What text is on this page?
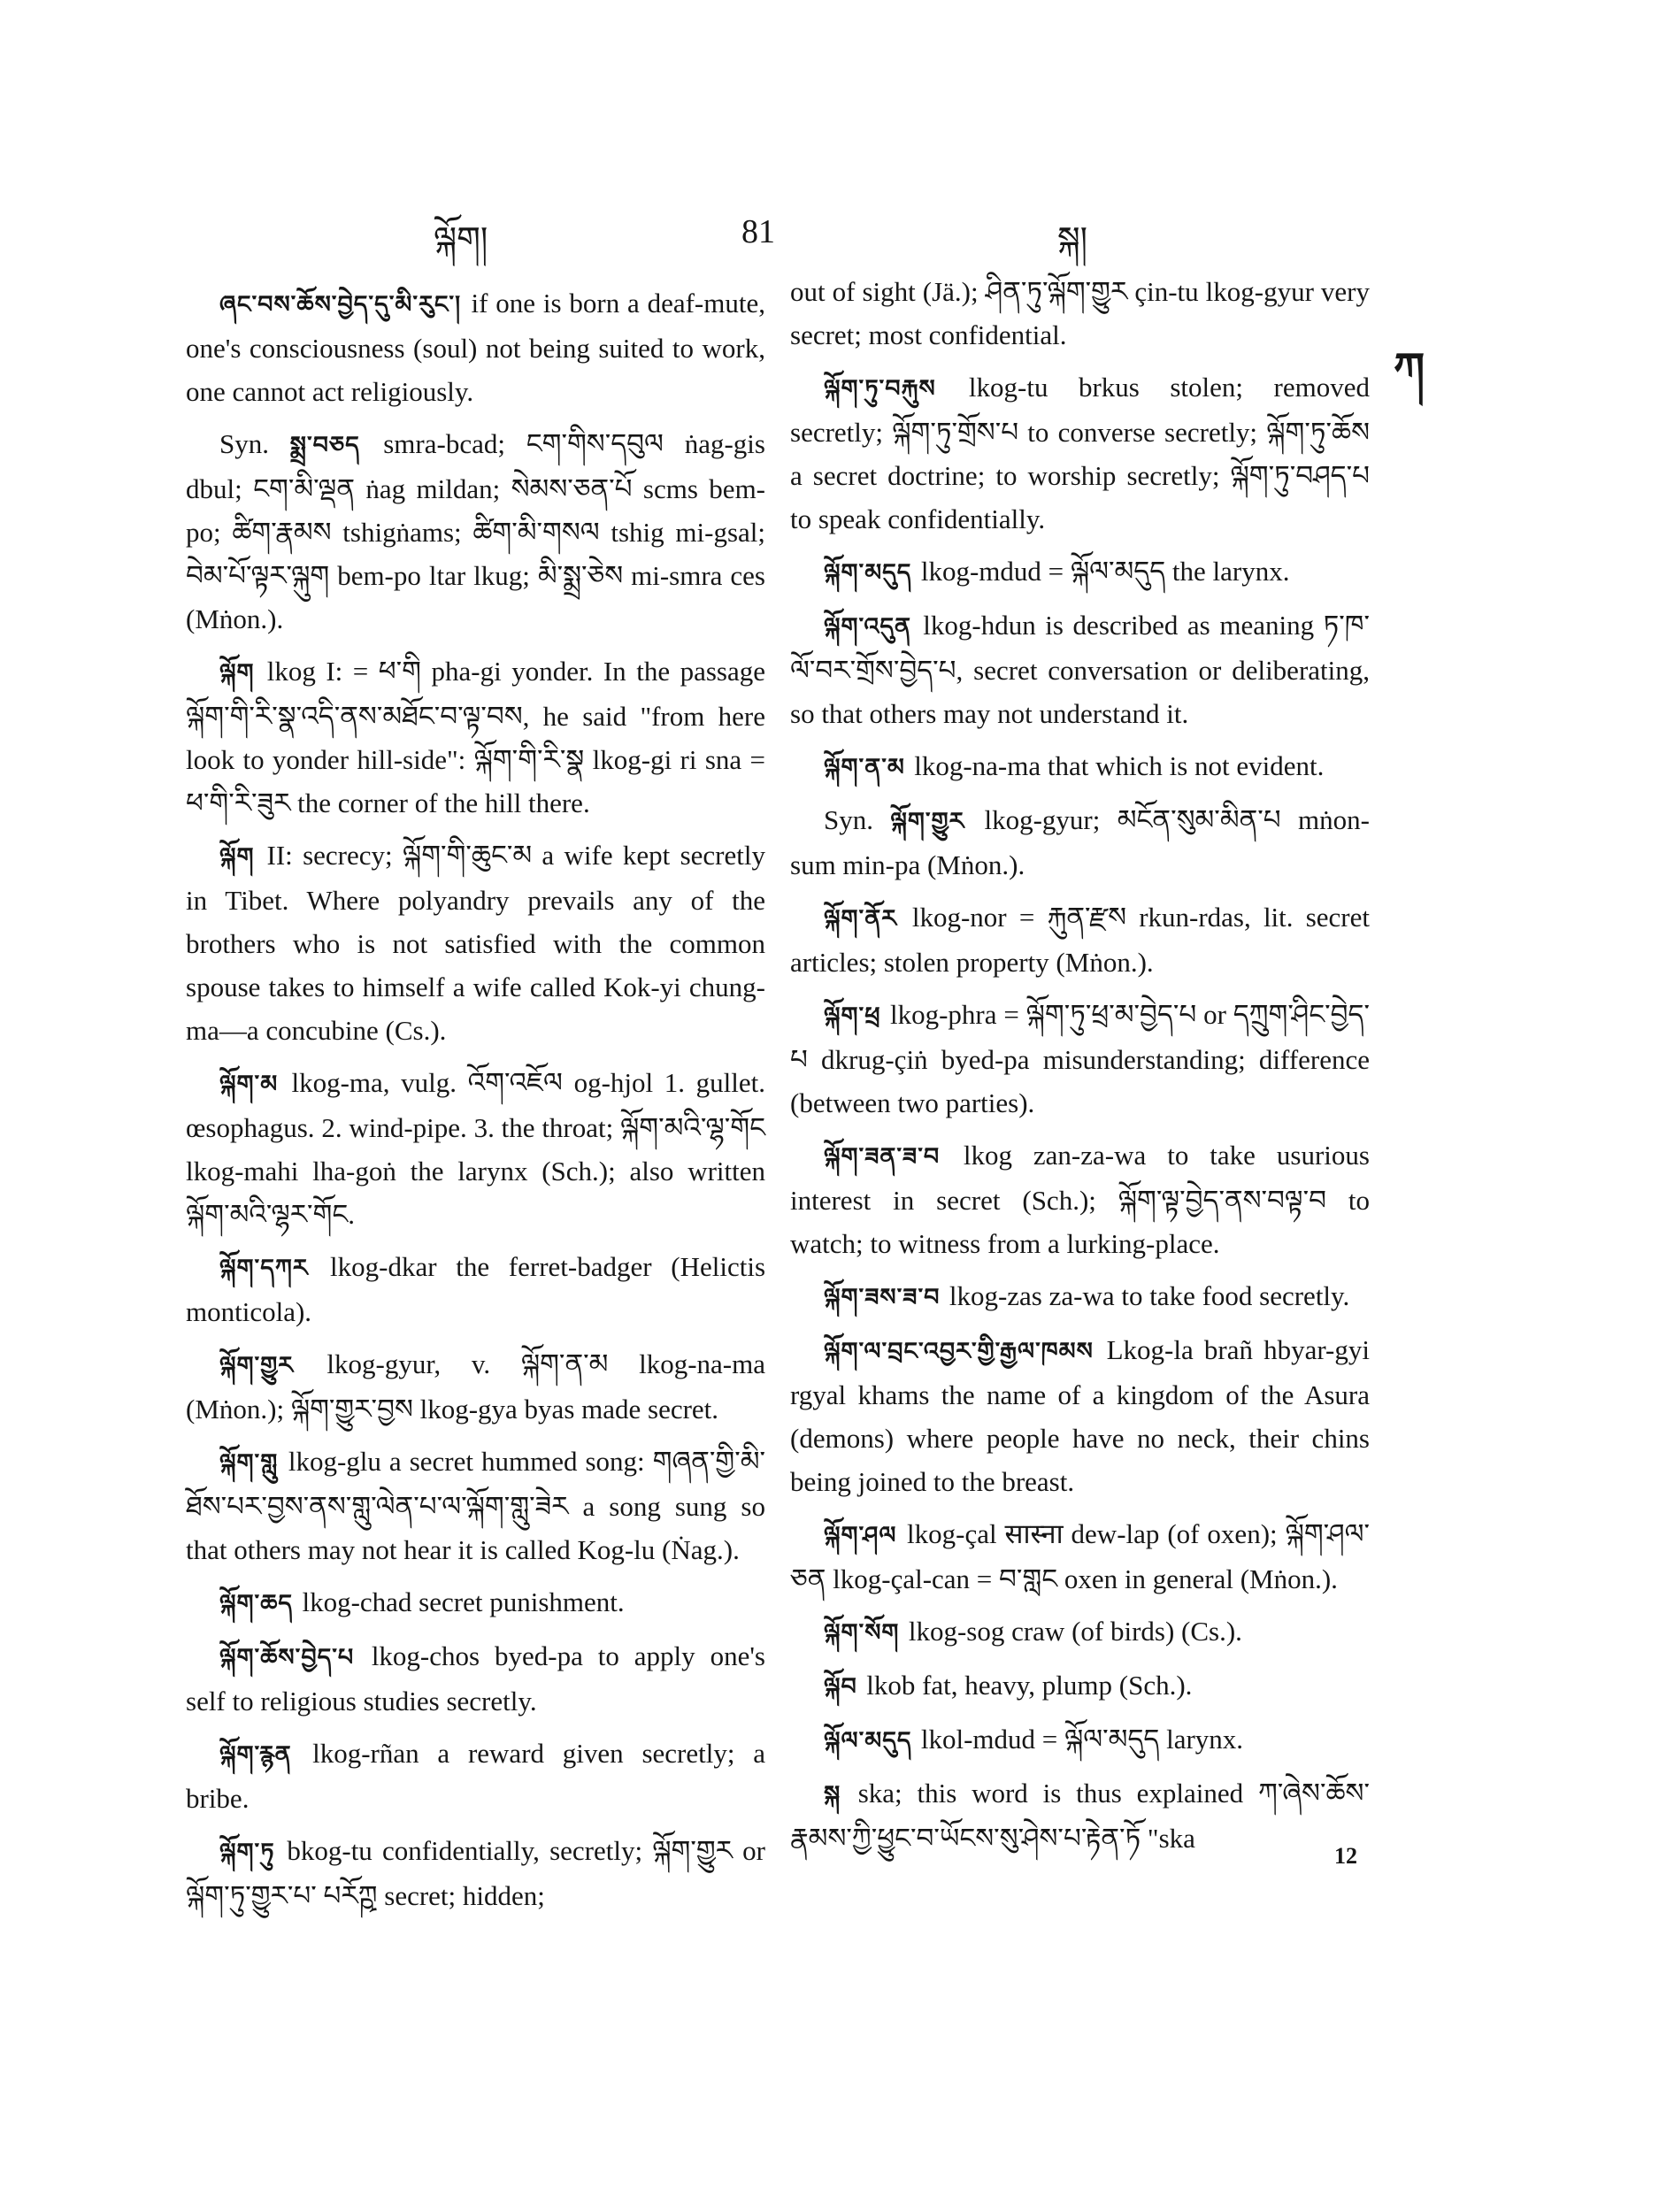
ལྐོག།	81	སྐ།
ཀ

ཞང་བས་ཆོས་བྱེད་དུ་མི་རུང་། if one is born a deaf-mute, one's consciousness (soul) not being suited to work, one cannot act religiously.

Syn. སྨྲ་བཅད smra-bcad; ངག་གིས་དབུལ ṅag-gis dbul; ངག་མི་ལྡན ṅag mildan; སེམས་ཅན་པོ scms bem-po; ཚིག་རྣམས tshigṅams; ཚིག་མི་གསལ tshig mi-gsal; བེམ་པོ་ལྟར་ལྐུག bem-po ltar lkug; མི་སྨྲ་ཅེས mi-smra ces (Mṅon.).

ལྐོག lkog I: = ཕ་གི pha-gi yonder. In the passage ལྐོག་གི་རི་སྣ་འདི་ནས་མཐོང་བ་ལྟ་བས, he said "from here look to yonder hill-side": ལྐོག་གི་རི་སྣ lkog-gi ri sna = ཕ་གི་རི་ཟུར the corner of the hill there.

ལྐོག II: secrecy; ལྐོག་གི་ཆུང་མ a wife kept secretly in Tibet. Where polyandry prevails any of the brothers who is not satisfied with the common spouse takes to himself a wife called Kok-yi chung-ma—a concubine (Cs.).

ལྐོག་མ lkog-ma, vulg. འོག་འཇོལ og-hjol 1. gullet. œsophagus. 2. wind-pipe. 3. the throat; ལྐོག་མའི་ལྷ་གོང lkog-mahi lha-goṅ the larynx (Sch.); also written ལྐོག་མའི་ལྷར་གོང.

ལྐོག་དཀར lkog-dkar the ferret-badger (Helictis monticola).

ལྐོག་གྱུར lkog-gyur, v. ལྐོག་ན་མ lkog-na-ma (Mṅon.); ལྐོག་གྱུར་བྱས lkog-gya byas made secret.

ལྐོག་གླུ lkog-glu a secret hummed song: གཞན་གྱི་མི་ཐོས་པར་བྱས་ནས་གླུ་ལེན་པ་ལ་ལྐོག་གླུ་ཟེར a song sung so that others may not hear it is called Kog-lu (Ṅag.).

ལྐོག་ཆད lkog-chad secret punishment.

ལྐོག་ཆོས་བྱེད་པ lkog-chos byed-pa to apply one's self to religious studies secretly.

ལྐོག་རྙན lkog-rñan a reward given secretly; a bribe.

ལྐོག་ཏུ bkog-tu confidentially, secretly; ལྐོག་གྱུར or ལྐོག་ཏུ་གྱུར་པ་ པརོཀྵ secret; hidden;

out of sight (Jä.); ཤིན་ཏུ་ལྐོག་གྱུར çin-tu lkog-gyur very secret; most confidential.

ལྐོག་ཏུ་བརྐུས lkog-tu brkus stolen; removed secretly; ལྐོག་ཏུ་གྲོས་པ to converse secretly; ལྐོག་ཏུ་ཆོས a secret doctrine; to worship secretly; ལྐོག་ཏུ་བཤད་པ to speak confidentially.

ལྐོག་མདུད lkog-mdud = ལྐོལ་མདུད the larynx.

ལྐོག་འདུན lkog-hdun is described as meaning ཏ་ཁ་ལོ་བར་གྲོས་བྱེད་པ, secret conversation or deliberating, so that others may not understand it.

ལྐོག་ན་མ lkog-na-ma that which is not evident.

Syn. ལྐོག་གྱུར lkog-gyur; མངོན་སུམ་མིན་པ mṅon-sum min-pa (Mṅon.).

ལྐོག་ནོར lkog-nor = རྐུན་རྫས rkun-rdas, lit. secret articles; stolen property (Mṅon.).

ལྐོག་ཕྲ lkog-phra = ལྐོག་ཏུ་ཕྲ་མ་བྱེད་པ or དཀྲུག་ཤིང་བྱེད་པ dkrug-çiṅ byed-pa misunderstanding; difference (between two parties).

ལྐོག་ཟན་ཟ་བ lkog zan-za-wa to take usurious interest in secret (Sch.); ལྐོག་ལྟ་བྱེད་ནས་བལྟ་བ to watch; to witness from a lurking-place.

ལྐོག་ཟས་ཟ་བ lkog-zas za-wa to take food secretly.

ལྐོག་ལ་བྲང་འབྱར་གྱི་རྒྱལ་ཁམས Lkog-la brañ hbyar-gyi rgyal khams the name of a kingdom of the Asura (demons) where people have no neck, their chins being joined to the breast.

ལྐོག་ཤལ lkog-çal सास्ना dew-lap (of oxen); ལྐོག་ཤལ་ཅན lkog-çal-can = བ་གླང oxen in general (Mṅon.).

ལྐོག་སོག lkog-sog craw (of birds) (Cs.).

ལྐོབ lkob fat, heavy, plump (Sch.).

ལྐོལ་མདུད lkol-mdud = ལྐོལ་མདུད larynx.

སྐ ska; this word is thus explained ཀ་ཞེས་ཆོས་རྣམས་ཀྱི་ཕྱུང་བ་ཡོངས་སུ་ཤེས་པ་རྟེན་ཏོ "ska

12
